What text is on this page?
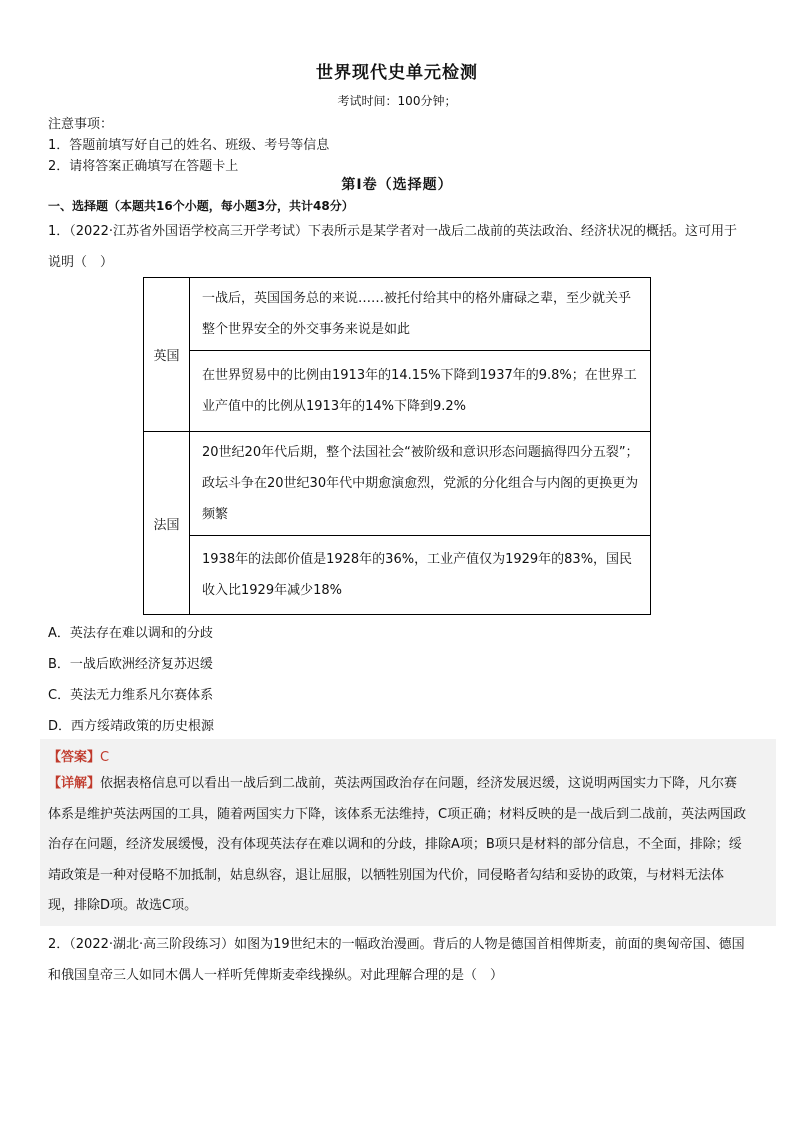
世界现代史单元检测
考试时间：100分钟；
注意事项：
1．答题前填写好自己的姓名、班级、考号等信息
2．请将答案正确填写在答题卡上
第I卷（选择题）
一、选择题（本题共16个小题，每小题3分，共计48分）
1．（2022·江苏省外国语学校高三开学考试）下表所示是某学者对一战后二战前的英法政治、经济状况的概括。这可用于说明（　）
英国	一战后，英国国务总的来说……被托付给其中的格外庸碌之辈，至少就关乎整个世界安全的外交事务来说是如此
	在世界贸易中的比例由1913年的14.15%下降到1937年的9.8%；在世界工业产值中的比例从1913年的14%下降到9.2%
法国	20世纪20年代后期，整个法国社会“被阶级和意识形态问题搞得四分五裂”；政坛斗争在20世纪30年代中期愈演愈烈，党派的分化组合与内阁的更换更为频繁
	1938年的法郎价值是1928年的36%，工业产值仅为1929年的83%，国民收入比1929年减少18%
A．英法存在难以调和的分歧
B．一战后欧洲经济复苏迟缓
C．英法无力维系凡尔赛体系
D．西方绥靖政策的历史根源
【答案】C
【详解】依据表格信息可以看出一战后到二战前，英法两国政治存在问题，经济发展迟缓，这说明两国实力下降，凡尔赛体系是维护英法两国的工具，随着两国实力下降，该体系无法维持，C项正确；材料反映的是一战后到二战前，英法两国政治存在问题，经济发展缓慢，没有体现英法存在难以调和的分歧，排除A项；B项只是材料的部分信息，不全面，排除；绥靖政策是一种对侵略不加抵制，姑息纵容，退让屈服，以牺牲别国为代价，同侵略者勾结和妥协的政策，与材料无法体现，排除D项。故选C项。
2．（2022·湖北·高三阶段练习）如图为19世纪末的一幅政治漫画。背后的人物是德国首相俾斯麦，前面的奥匈帝国、德国和俄国皇帝三人如同木偶人一样听凭俾斯麦牵线操纵。对此理解合理的是（　）
